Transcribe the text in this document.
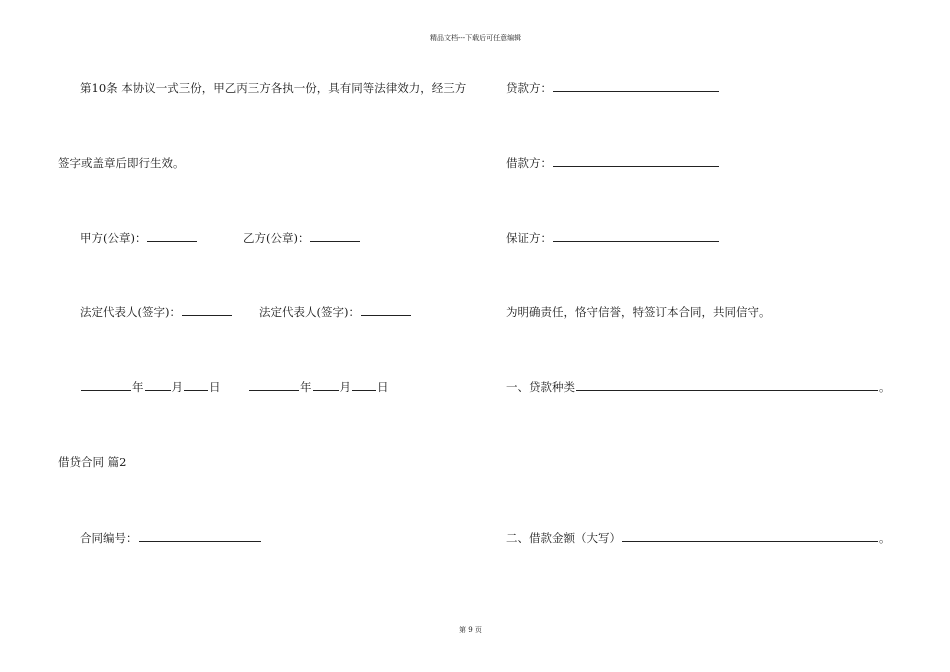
精品文档---下载后可任意编辑
第10条 本协议一式三份，甲乙丙三方各执一份，具有同等法律效力，经三方
签字或盖章后即行生效。
甲方(公章)：	乙方(公章)：
法定代表人(签字)：	法定代表人(签字)：
年 月 日	年 月 日
借贷合同 篇2
合同编号：
贷款方：
借款方：
保证方：
为明确责任，恪守信誉，特签订本合同，共同信守。
一、贷款种类	。
二、借款金额（大写）	。
第 9 页
